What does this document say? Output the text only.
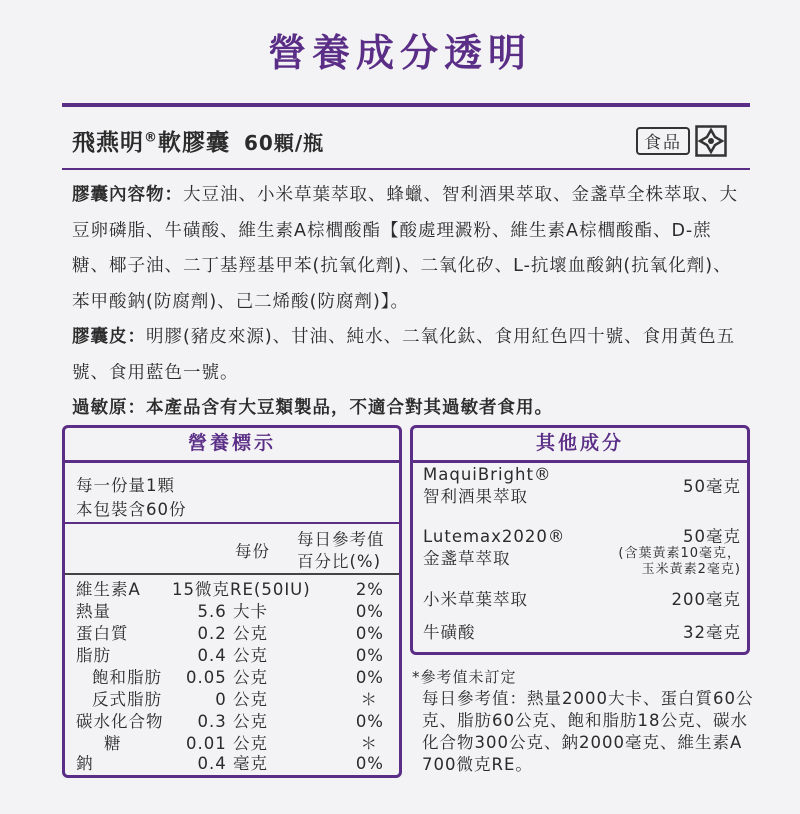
營養成分透明
飛燕明®軟膠囊 60顆/瓶	食品

膠囊內容物：大豆油、小米草葉萃取、蜂蠟、智利酒果萃取、金盞草全株萃取、大豆卵磷脂、牛磺酸、維生素A棕櫚酸酯【酸處理澱粉、維生素A棕櫚酸酯、D-蔗糖、椰子油、二丁基羥基甲苯(抗氧化劑)、二氧化矽、L-抗壞血酸鈉(抗氧化劑)、苯甲酸鈉(防腐劑)、己二烯酸(防腐劑)】。

膠囊皮：明膠(豬皮來源)、甘油、純水、二氧化鈦、食用紅色四十號、食用黃色五號、食用藍色一號。

過敏原：本產品含有大豆類製品，不適合對其過敏者食用。

營養標示
每一份量1顆
本包裝含60份
每份
每日參考值
百分比(%)
維生素A 15微克RE(50IU)	2%
熱量	5.6 大卡	0%
蛋白質	0.2 公克	0%
脂肪	0.4 公克	0%
飽和脂肪 0.05 公克	0%
反式脂肪	0 公克	＊
碳水化合物 0.3 公克	0%
糖	0.01 公克	＊
鈉	0.4 毫克	0%
其他成分
MaquiBright®
智利酒果萃取
50毫克
Lutemax2020®
金盞草萃取
50毫克
(含葉黃素10毫克，
玉米黃素2毫克)
小米草葉萃取	200毫克
牛磺酸	32毫克
*參考值未訂定
每日參考值：熱量2000大卡、蛋白質60公克、脂肪60公克、飽和脂肪18公克、碳水化合物300公克、鈉2000毫克、維生素A 700微克RE。
